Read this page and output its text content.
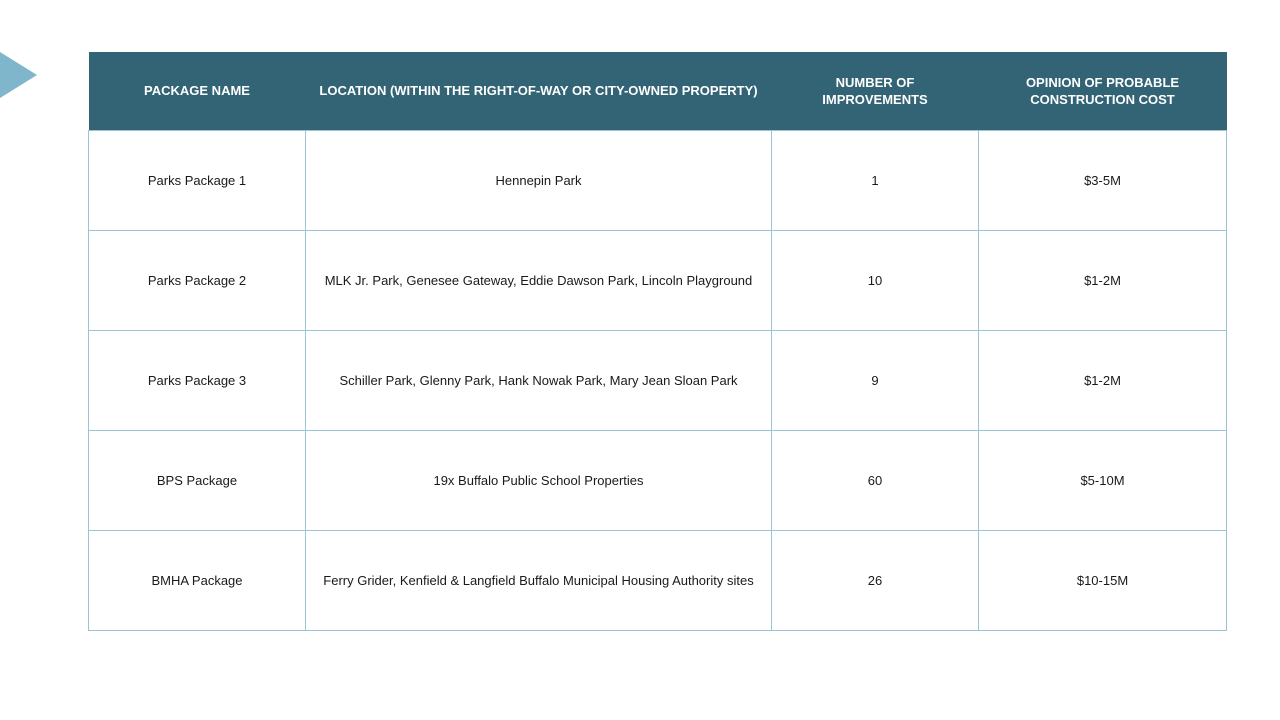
PACKAGE NAME	LOCATION (WITHIN THE RIGHT-OF-WAY OR CITY-OWNED PROPERTY)	NUMBER OF IMPROVEMENTS	OPINION OF PROBABLE CONSTRUCTION COST
Parks Package 1	Hennepin Park	1	$3-5M
Parks Package 2	MLK Jr. Park, Genesee Gateway, Eddie Dawson Park, Lincoln Playground	10	$1-2M
Parks Package 3	Schiller Park, Glenny Park, Hank Nowak Park, Mary Jean Sloan Park	9	$1-2M
BPS Package	19x Buffalo Public School Properties	60	$5-10M
BMHA Package	Ferry Grider, Kenfield & Langfield Buffalo Municipal Housing Authority sites	26	$10-15M
